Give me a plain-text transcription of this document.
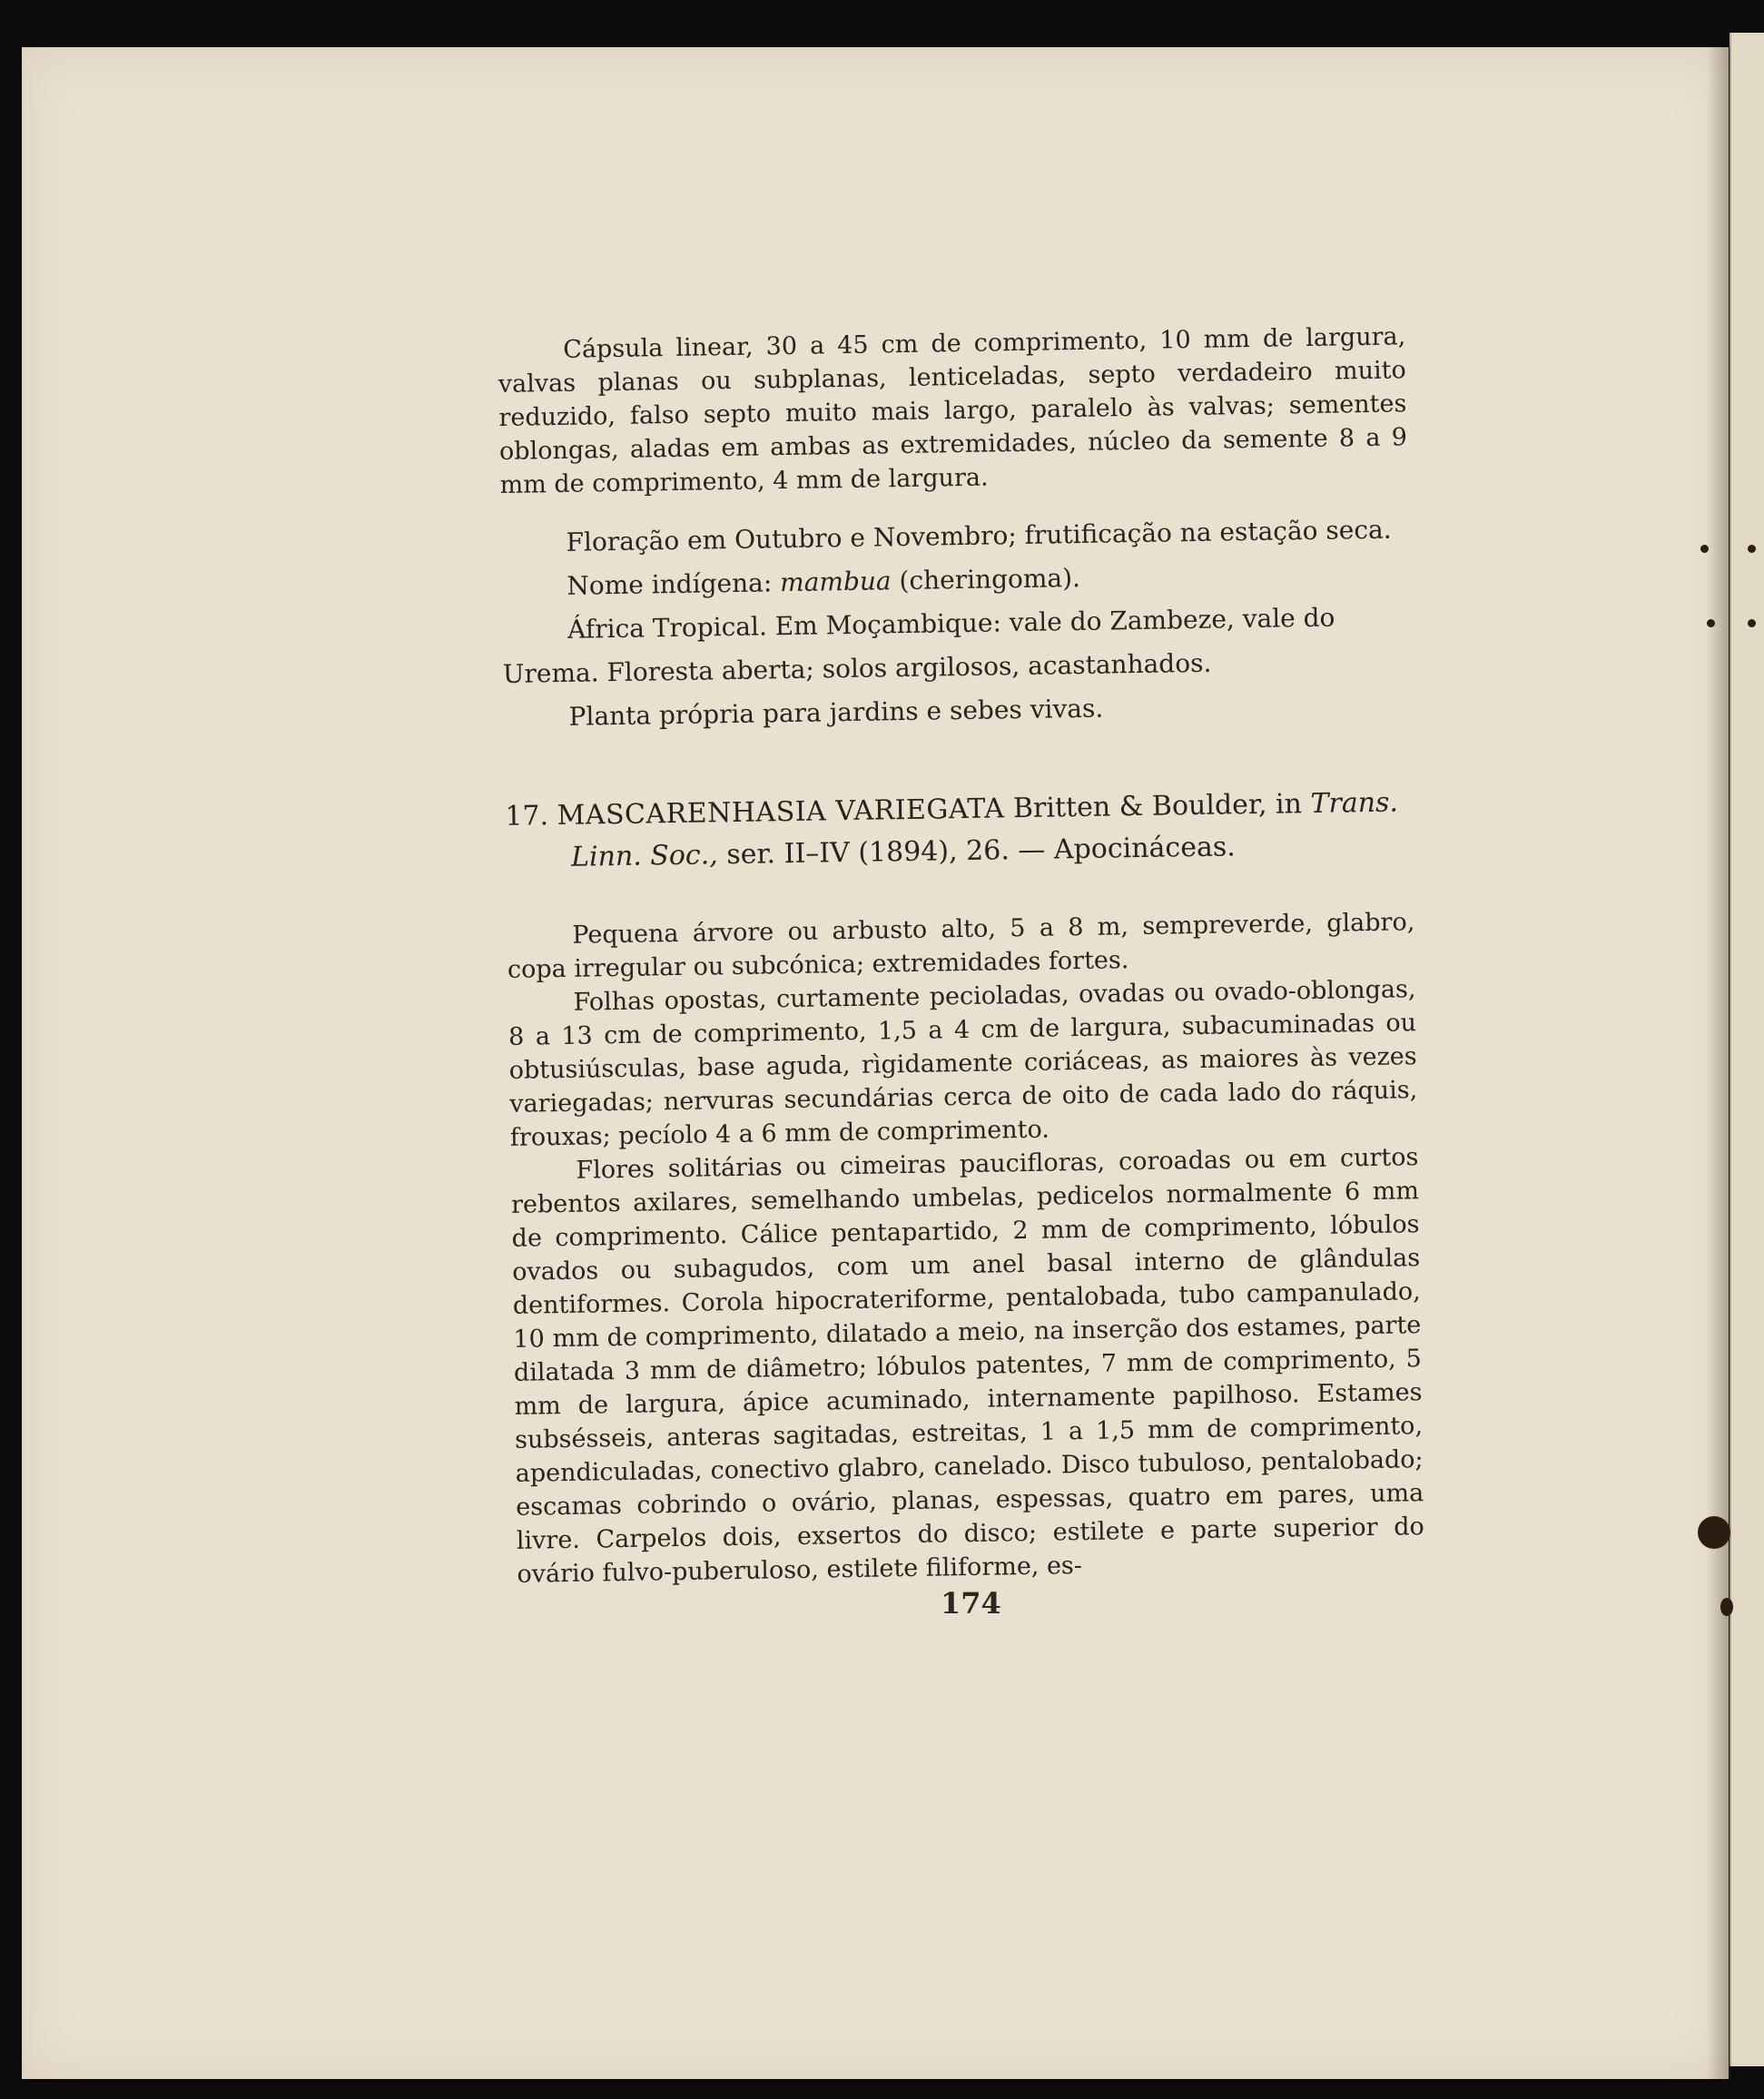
Cápsula linear, 30 a 45 cm de comprimento, 10 mm de largura, valvas planas ou subplanas, lenticeladas, septo verdadeiro muito reduzido, falso septo muito mais largo, paralelo às valvas; sementes oblongas, aladas em ambas as extremidades, núcleo da semente 8 a 9 mm de comprimento, 4 mm de largura.

Floração em Outubro e Novembro; frutificação na estação seca.

Nome indígena: mambua (cheringoma).

África Tropical. Em Moçambique: vale do Zambeze, vale do

Urema. Floresta aberta; solos argilosos, acastanhados.

Planta própria para jardins e sebes vivas.

17. MASCARENHASIA VARIEGATA Britten & Boulder, in Trans.
Linn. Soc., ser. II–IV (1894), 26. — Apocináceas.

Pequena árvore ou arbusto alto, 5 a 8 m, sempreverde, glabro, copa irregular ou subcónica; extremidades fortes.

Folhas opostas, curtamente pecioladas, ovadas ou ovado-oblongas, 8 a 13 cm de comprimento, 1,5 a 4 cm de largura, subacuminadas ou obtusiúsculas, base aguda, rìgidamente coriáceas, as maiores às vezes variegadas; nervuras secundárias cerca de oito de cada lado do ráquis, frouxas; pecíolo 4 a 6 mm de comprimento.

Flores solitárias ou cimeiras paucifloras, coroadas ou em curtos rebentos axilares, semelhando umbelas, pedicelos normalmente 6 mm de comprimento. Cálice pentapartido, 2 mm de comprimento, lóbulos ovados ou subagudos, com um anel basal interno de glândulas dentiformes. Corola hipocrateriforme, pentalobada, tubo campanulado, 10 mm de comprimento, dilatado a meio, na inserção dos estames, parte dilatada 3 mm de diâmetro; lóbulos patentes, 7 mm de comprimento, 5 mm de largura, ápice acuminado, internamente papilhoso. Estames subsésseis, anteras sagitadas, estreitas, 1 a 1,5 mm de comprimento, apendiculadas, conectivo glabro, canelado. Disco tubuloso, pentalobado; escamas cobrindo o ovário, planas, espessas, quatro em pares, uma livre. Carpelos dois, exsertos do disco; estilete e parte superior do ovário fulvo-puberuloso, estilete filiforme, es-

174
